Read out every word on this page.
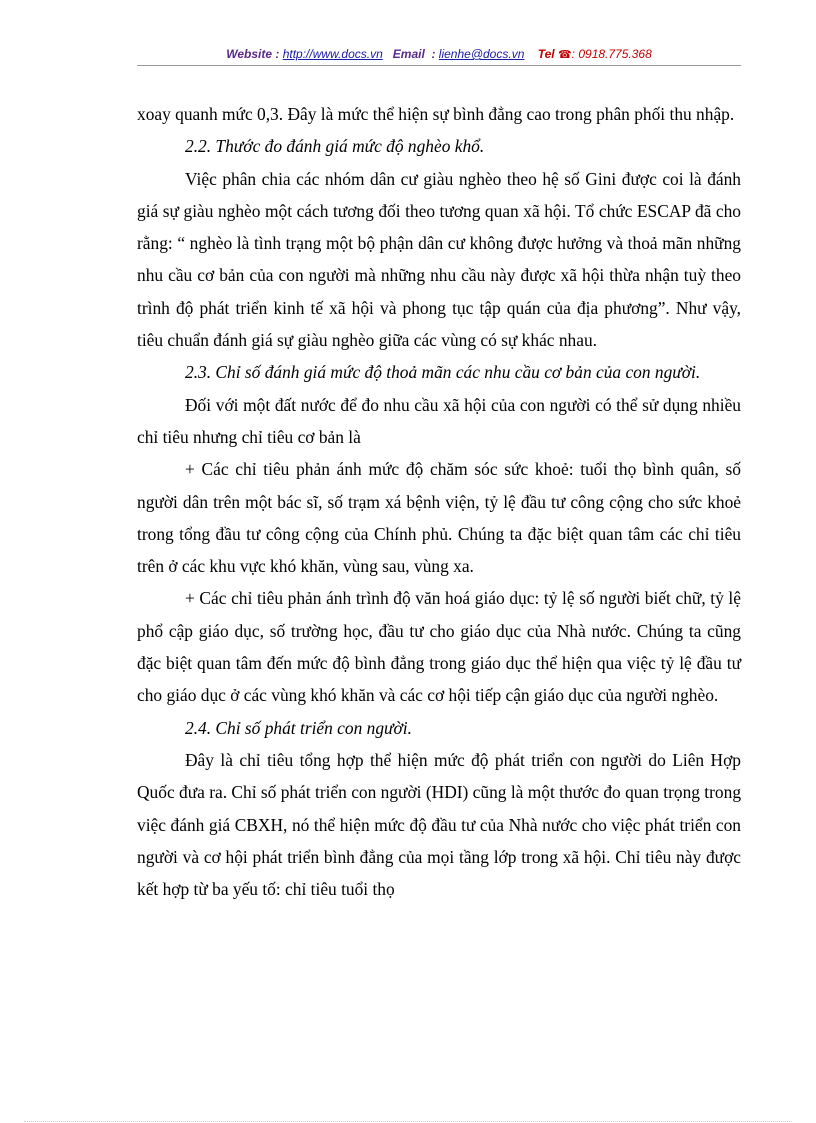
Website : http://www.docs.vn Email : lienhe@docs.vn Tel ☎: 0918.775.368

xoay quanh mức 0,3. Đây là mức thể hiện sự bình đẳng cao trong phân phối thu nhập.

2.2. Thước đo đánh giá mức độ nghèo khổ.

Việc phân chia các nhóm dân cư giàu nghèo theo hệ số Gini được coi là đánh giá sự giàu nghèo một cách tương đối theo tương quan xã hội. Tổ chức ESCAP đã cho rằng: “ nghèo là tình trạng một bộ phận dân cư không được hưởng và thoả mãn những nhu cầu cơ bản của con người mà những nhu cầu này được xã hội thừa nhận tuỳ theo trình độ phát triển kinh tế xã hội và phong tục tập quán của địa phương”. Như vậy, tiêu chuẩn đánh giá sự giàu nghèo giữa các vùng có sự khác nhau.

2.3. Chỉ số đánh giá mức độ thoả mãn các nhu cầu cơ bản của con người.

Đối với một đất nước để đo nhu cầu xã hội của con người có thể sử dụng nhiều chỉ tiêu nhưng chỉ tiêu cơ bản là

+ Các chỉ tiêu phản ánh mức độ chăm sóc sức khoẻ: tuổi thọ bình quân, số người dân trên một bác sĩ, số trạm xá bệnh viện, tỷ lệ đầu tư công cộng cho sức khoẻ trong tổng đầu tư công cộng của Chính phủ. Chúng ta đặc biệt quan tâm các chỉ tiêu trên ở các khu vực khó khăn, vùng sau, vùng xa.

+ Các chỉ tiêu phản ánh trình độ văn hoá giáo dục: tỷ lệ số người biết chữ, tỷ lệ phổ cập giáo dục, số trường học, đầu tư cho giáo dục của Nhà nước. Chúng ta cũng đặc biệt quan tâm đến mức độ bình đẳng trong giáo dục thể hiện qua việc tỷ lệ đầu tư cho giáo dục ở các vùng khó khăn và các cơ hội tiếp cận giáo dục của người nghèo.

2.4. Chỉ số phát triển con người.

Đây là chỉ tiêu tổng hợp thể hiện mức độ phát triển con người do Liên Hợp Quốc đưa ra. Chỉ số phát triển con người (HDI) cũng là một thước đo quan trọng trong việc đánh giá CBXH, nó thể hiện mức độ đầu tư của Nhà nước cho việc phát triển con người và cơ hội phát triển bình đẳng của mọi tầng lớp trong xã hội. Chỉ tiêu này được kết hợp từ ba yếu tố: chỉ tiêu tuổi thọ
